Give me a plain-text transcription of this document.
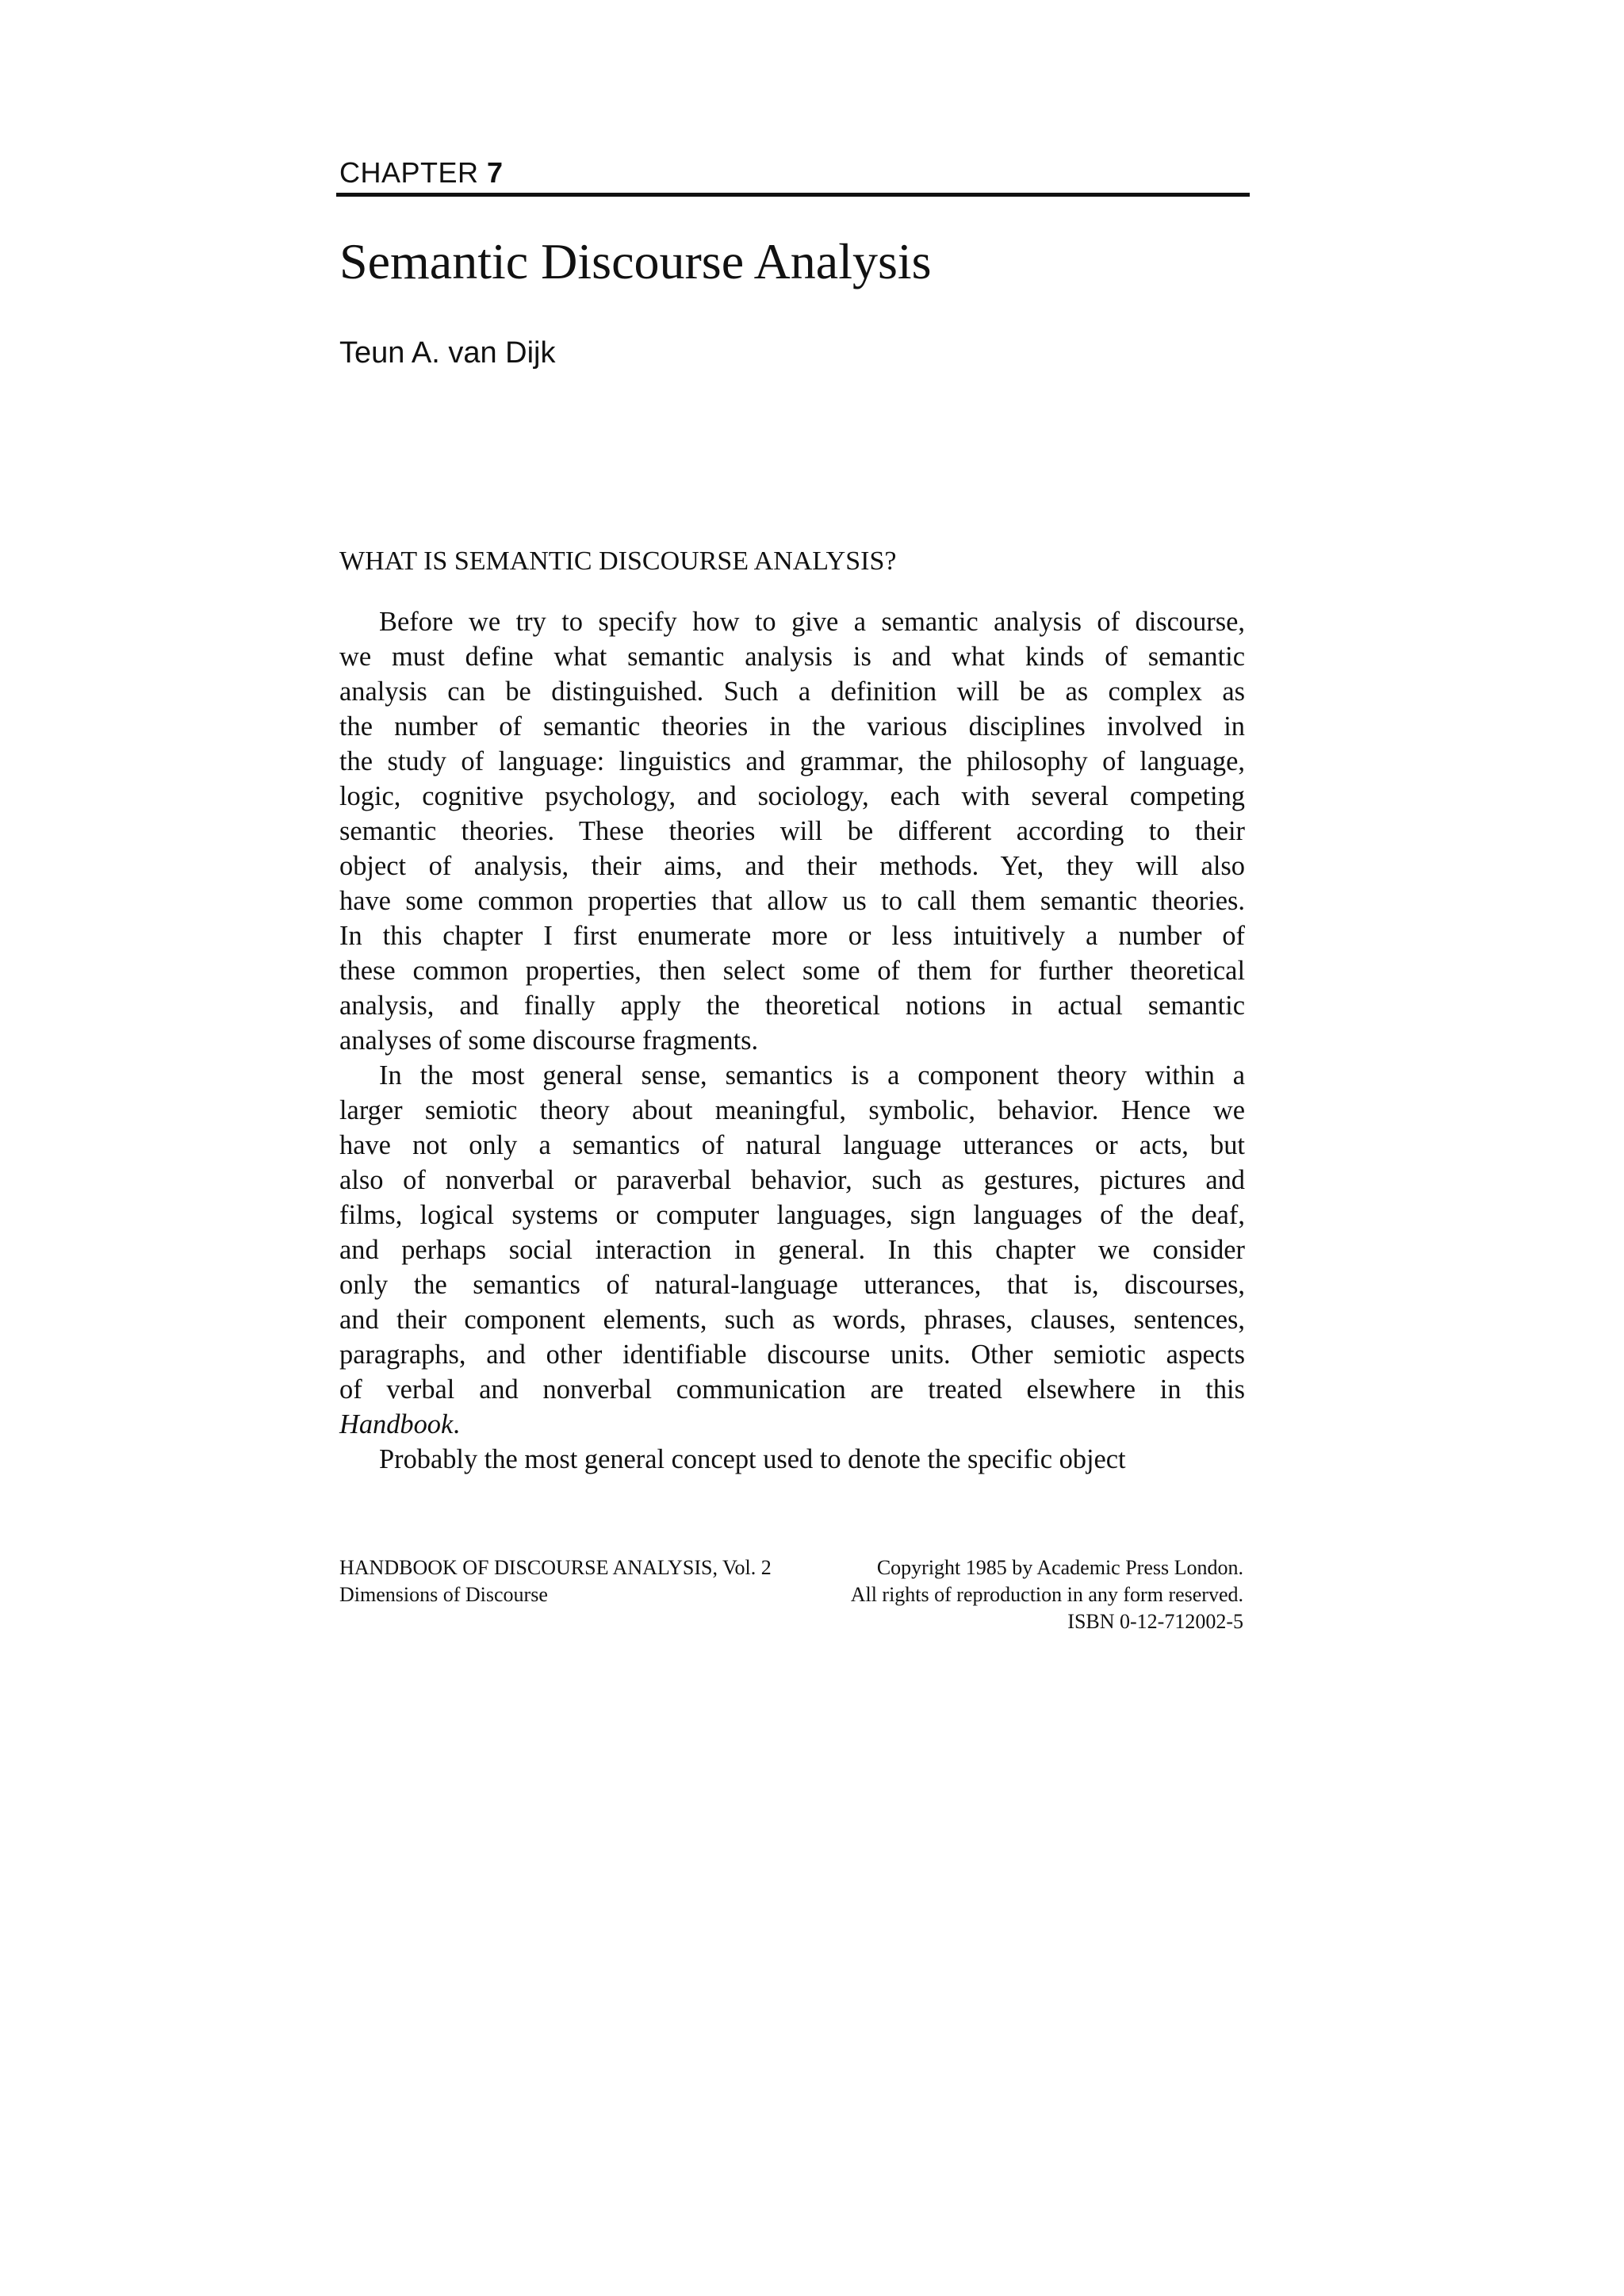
CHAPTER 7
Semantic Discourse Analysis
Teun A. van Dijk
WHAT IS SEMANTIC DISCOURSE ANALYSIS?
Before we try to specify how to give a semantic analysis of discourse,
we must define what semantic analysis is and what kinds of semantic
analysis can be distinguished. Such a definition will be as complex as
the number of semantic theories in the various disciplines involved in
the study of language: linguistics and grammar, the philosophy of language,
logic, cognitive psychology, and sociology, each with several competing
semantic theories. These theories will be different according to their
object of analysis, their aims, and their methods. Yet, they will also
have some common properties that allow us to call them semantic theories.
In this chapter I first enumerate more or less intuitively a number of
these common properties, then select some of them for further theoretical
analysis, and finally apply the theoretical notions in actual semantic
analyses of some discourse fragments.
In the most general sense, semantics is a component theory within a
larger semiotic theory about meaningful, symbolic, behavior. Hence we
have not only a semantics of natural language utterances or acts, but
also of nonverbal or paraverbal behavior, such as gestures, pictures and
films, logical systems or computer languages, sign languages of the deaf,
and perhaps social interaction in general. In this chapter we consider
only the semantics of natural-language utterances, that is, discourses,
and their component elements, such as words, phrases, clauses, sentences,
paragraphs, and other identifiable discourse units. Other semiotic aspects
of verbal and nonverbal communication are treated elsewhere in this
Handbook.
Probably the most general concept used to denote the specific object
HANDBOOK OF DISCOURSE ANALYSIS, Vol. 2
Dimensions of Discourse
Copyright 1985 by Academic Press London.
All rights of reproduction in any form reserved.
ISBN 0-12-712002-5
